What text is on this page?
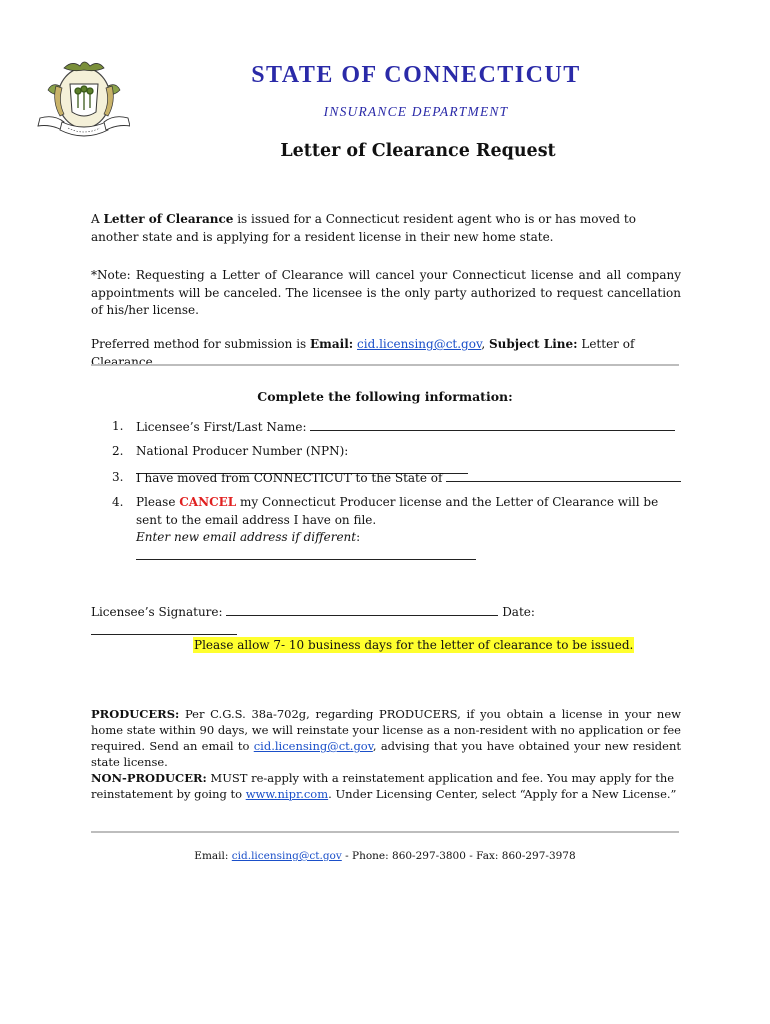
STATE OF CONNECTICUT
INSURANCE DEPARTMENT
Letter of Clearance Request
A Letter of Clearance is issued for a Connecticut resident agent who is or has moved to another state and is applying for a resident license in their new home state.
*Note: Requesting a Letter of Clearance will cancel your Connecticut license and all company appointments will be canceled. The licensee is the only party authorized to request cancellation of his/her license.
Preferred method for submission is Email: cid.licensing@ct.gov, Subject Line: Letter of Clearance
Complete the following information:
1.	Licensee’s First/Last Name:
2.	National Producer Number (NPN):
3.	I have moved from CONNECTICUT to the State of
4.	Please CANCEL my Connecticut Producer license and the Letter of Clearance will be sent to the email address I have on file.
Enter new email address if different:
Licensee’s Signature:	Date:
Please allow 7- 10 business days for the letter of clearance to be issued.
PRODUCERS: Per C.G.S. 38a-702g, regarding PRODUCERS, if you obtain a license in your new home state within 90 days, we will reinstate your license as a non-resident with no application or fee required. Send an email to cid.licensing@ct.gov, advising that you have obtained your new resident state license.
NON-PRODUCER: MUST re-apply with a reinstatement application and fee. You may apply for the reinstatement by going to www.nipr.com. Under Licensing Center, select “Apply for a New License.”
Email: cid.licensing@ct.gov - Phone: 860-297-3800 - Fax: 860-297-3978
